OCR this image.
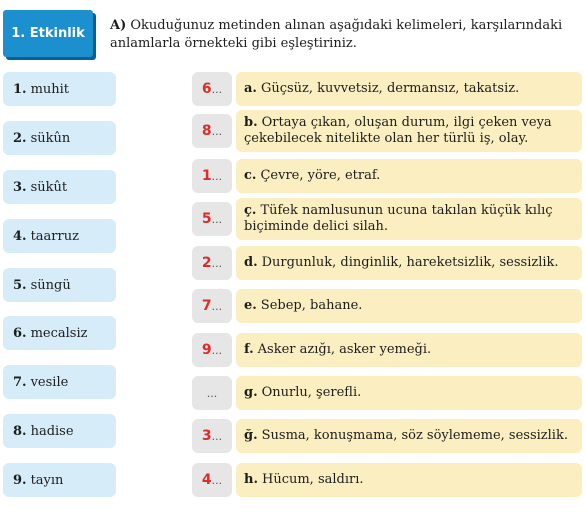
1. Etkinlik
A) Okuduğunuz metinden alınan aşağıdaki kelimeleri, karşılarındaki anlamlarla örnekteki gibi eşleştiriniz.
1. muhit
2. sükûn
3. sükût
4. taarruz
5. süngü
6. mecalsiz
7. vesile
8. hadise
9. tayın
6 ...
8 ...
1 ...
5 ...
2 ...
7 ...
9 ...
...
3 ...
4 ...
a. Güçsüz, kuvvetsiz, dermansız, takatsiz.
b. Ortaya çıkan, oluşan durum, ilgi çeken veya çekebilecek nitelikte olan her türlü iş, olay.
c. Çevre, yöre, etraf.
ç. Tüfek namlusunun ucuna takılan küçük kılıç biçiminde delici silah.
d. Durgunluk, dinginlik, hareketsizlik, sessizlik.
e. Sebep, bahane.
f. Asker azığı, asker yemeği.
g. Onurlu, şerefli.
ğ. Susma, konuşmama, söz söylememe, sessizlik.
h. Hücum, saldırı.
